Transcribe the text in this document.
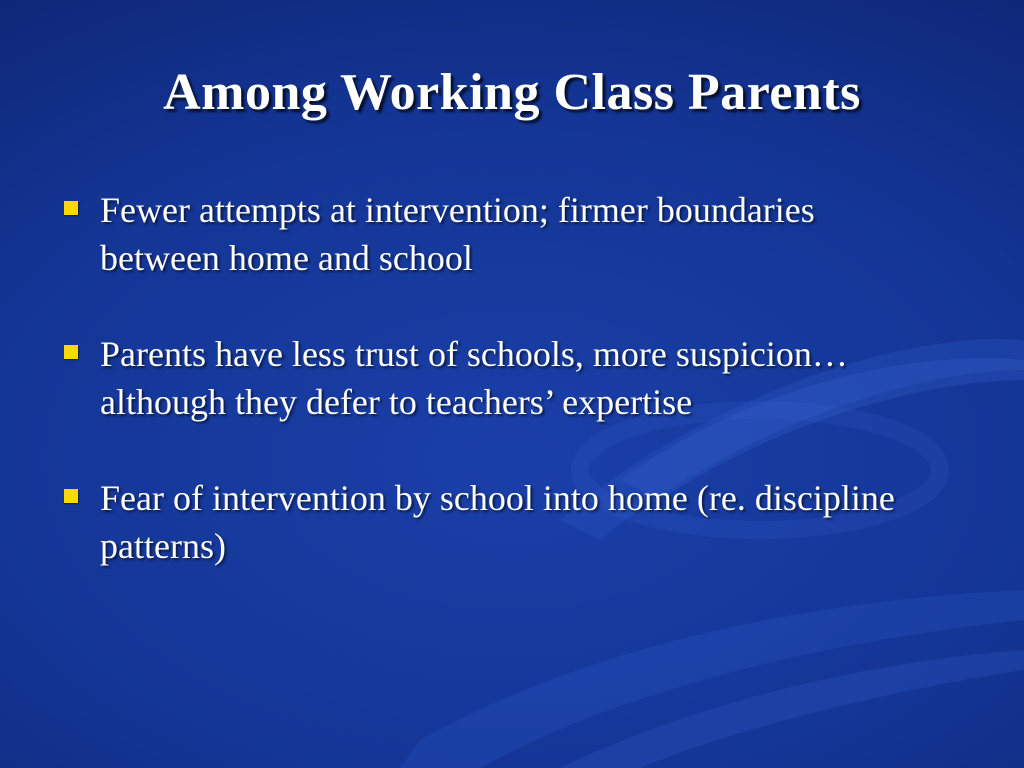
Among Working Class Parents
Fewer attempts at intervention; firmer boundaries between home and school
Parents have less trust of schools, more suspicion…although they defer to teachers’ expertise
Fear of intervention by school into home (re. discipline patterns)
